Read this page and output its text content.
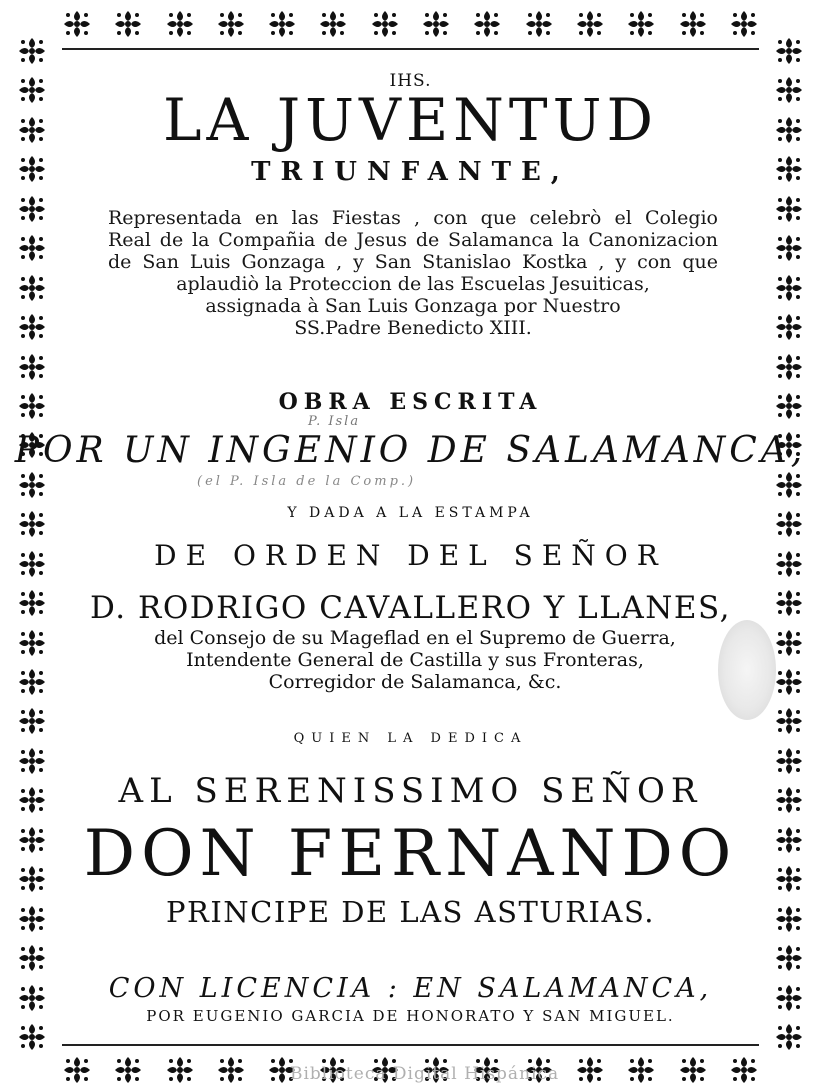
IHS.
LA JUVENTUD
TRIUNFANTE,
Representada en las Fiestas , con que celebrò el Colegio
Real de la Compañia de Jesus de Salamanca la Canonizacion
de San Luis Gonzaga , y San Stanislao Kostka , y con que
aplaudiò la Proteccion de las Escuelas Jesuiticas,
assignada à San Luis Gonzaga por Nuestro
SS.Padre Benedicto XIII.
OBRA ESCRITA
P. Isla
POR UN INGENIO DE SALAMANCA,
(el P. Isla de la Comp.)
Y DADA A LA ESTAMPA
DE ORDEN DEL SEÑOR
D. RODRIGO CAVALLERO Y LLANES,
del Consejo de su Mageflad en el Supremo de Guerra,
Intendente General de Castilla y sus Fronteras,
Corregidor de Salamanca, &c.
QUIEN LA DEDICA
AL SERENISSIMO SEÑOR
DON FERNANDO
PRINCIPE DE LAS ASTURIAS.
CON LICENCIA : EN SALAMANCA,
POR EUGENIO GARCIA DE HONORATO Y SAN MIGUEL.
Biblioteca Digital Hispánica
